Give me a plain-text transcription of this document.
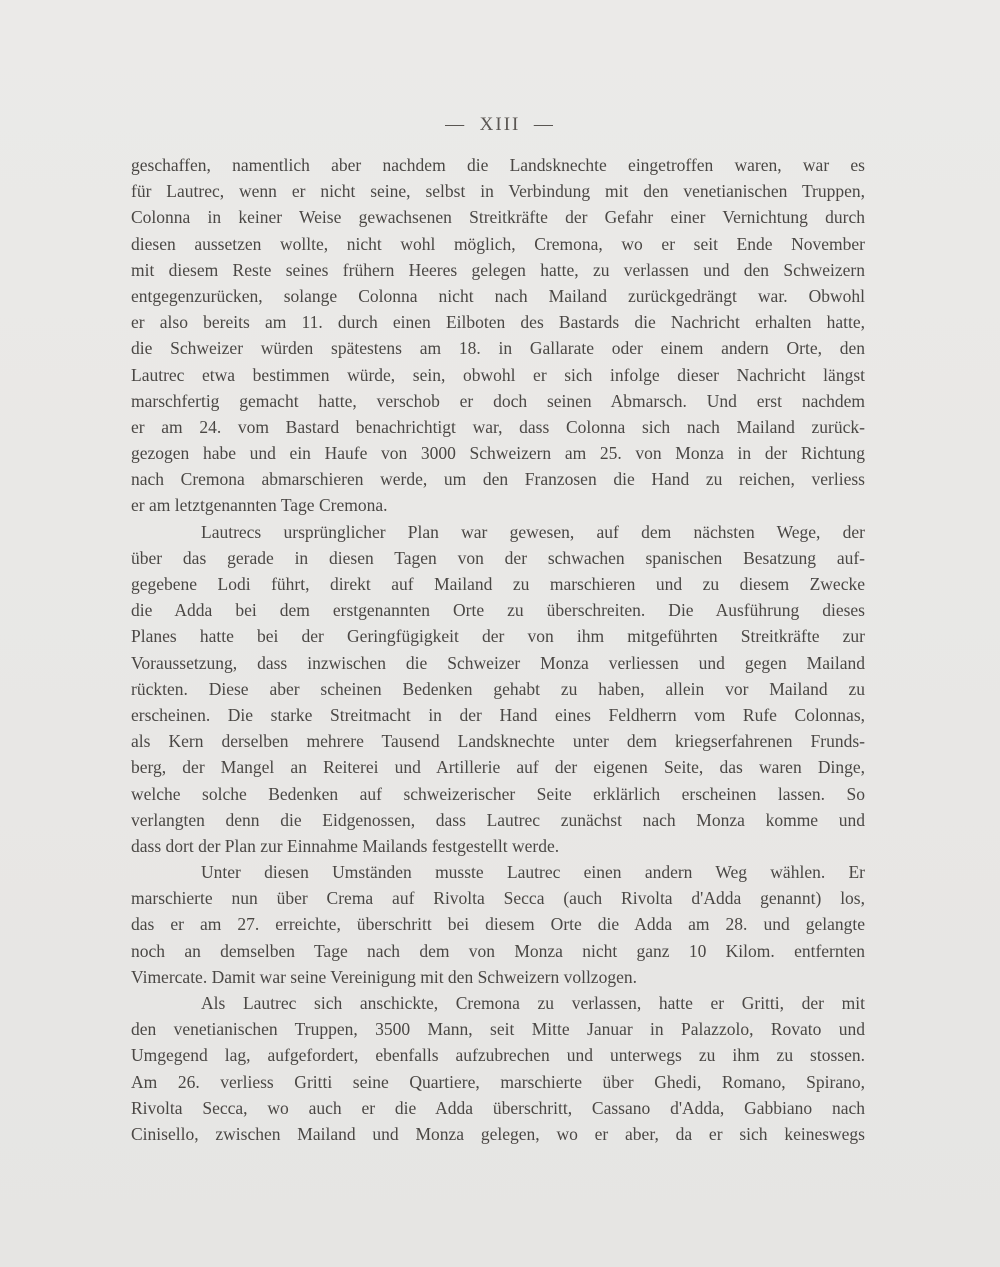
—  XIII  —
geschaffen, namentlich aber nachdem die Landsknechte eingetroffen waren, war es
für Lautrec, wenn er nicht seine, selbst in Verbindung mit den venetianischen Truppen,
Colonna in keiner Weise gewachsenen Streitkräfte der Gefahr einer Vernichtung durch
diesen aussetzen wollte, nicht wohl möglich, Cremona, wo er seit Ende November
mit diesem Reste seines frühern Heeres gelegen hatte, zu verlassen und den Schweizern
entgegenzurücken, solange Colonna nicht nach Mailand zurückgedrängt war. Obwohl
er also bereits am 11. durch einen Eilboten des Bastards die Nachricht erhalten hatte,
die Schweizer würden spätestens am 18. in Gallarate oder einem andern Orte, den
Lautrec etwa bestimmen würde, sein, obwohl er sich infolge dieser Nachricht längst
marschfertig gemacht hatte, verschob er doch seinen Abmarsch. Und erst nachdem
er am 24. vom Bastard benachrichtigt war, dass Colonna sich nach Mailand zurück-
gezogen habe und ein Haufe von 3000 Schweizern am 25. von Monza in der Richtung
nach Cremona abmarschieren werde, um den Franzosen die Hand zu reichen, verliess
er am letztgenannten Tage Cremona.
Lautrecs ursprünglicher Plan war gewesen, auf dem nächsten Wege, der
über das gerade in diesen Tagen von der schwachen spanischen Besatzung auf-
gegebene Lodi führt, direkt auf Mailand zu marschieren und zu diesem Zwecke
die Adda bei dem erstgenannten Orte zu überschreiten. Die Ausführung dieses
Planes hatte bei der Geringfügigkeit der von ihm mitgeführten Streitkräfte zur
Voraussetzung, dass inzwischen die Schweizer Monza verliessen und gegen Mailand
rückten. Diese aber scheinen Bedenken gehabt zu haben, allein vor Mailand zu
erscheinen. Die starke Streitmacht in der Hand eines Feldherrn vom Rufe Colonnas,
als Kern derselben mehrere Tausend Landsknechte unter dem kriegserfahrenen Frunds-
berg, der Mangel an Reiterei und Artillerie auf der eigenen Seite, das waren Dinge,
welche solche Bedenken auf schweizerischer Seite erklärlich erscheinen lassen. So
verlangten denn die Eidgenossen, dass Lautrec zunächst nach Monza komme und
dass dort der Plan zur Einnahme Mailands festgestellt werde.
Unter diesen Umständen musste Lautrec einen andern Weg wählen. Er
marschierte nun über Crema auf Rivolta Secca (auch Rivolta d'Adda genannt) los,
das er am 27. erreichte, überschritt bei diesem Orte die Adda am 28. und gelangte
noch an demselben Tage nach dem von Monza nicht ganz 10 Kilom. entfernten
Vimercate. Damit war seine Vereinigung mit den Schweizern vollzogen.
Als Lautrec sich anschickte, Cremona zu verlassen, hatte er Gritti, der mit
den venetianischen Truppen, 3500 Mann, seit Mitte Januar in Palazzolo, Rovato und
Umgegend lag, aufgefordert, ebenfalls aufzubrechen und unterwegs zu ihm zu stossen.
Am 26. verliess Gritti seine Quartiere, marschierte über Ghedi, Romano, Spirano,
Rivolta Secca, wo auch er die Adda überschritt, Cassano d'Adda, Gabbiano nach
Cinisello, zwischen Mailand und Monza gelegen, wo er aber, da er sich keineswegs
